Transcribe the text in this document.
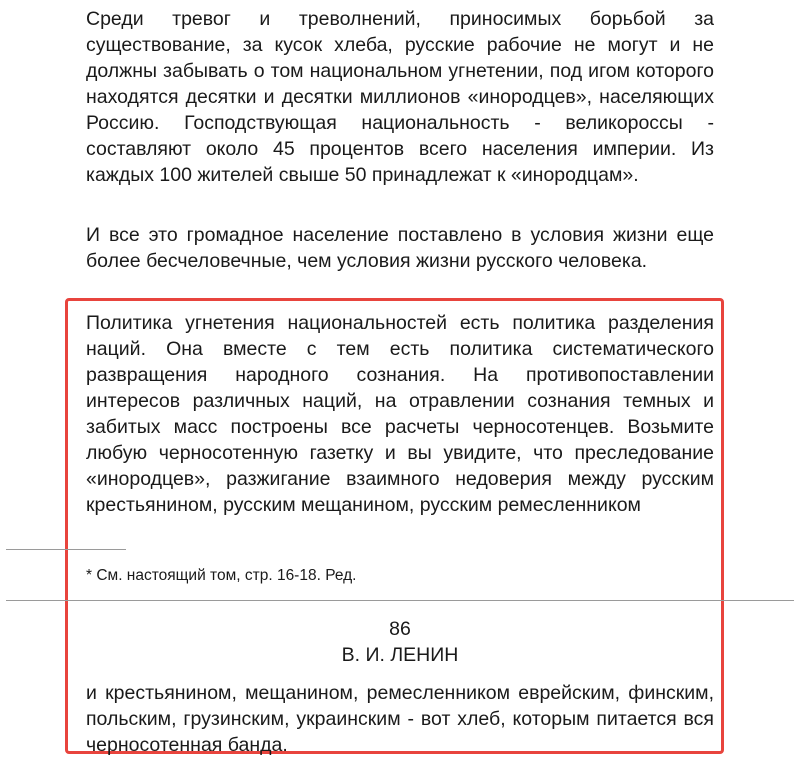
Среди тревог и треволнений, приносимых борьбой за существование, за кусок хлеба, русские рабочие не могут и не должны забывать о том национальном угнетении, под игом которого находятся десятки и десятки миллионов «инородцев», населяющих Россию. Господствующая национальность - великороссы - составляют около 45 процентов всего населения империи. Из каждых 100 жителей свыше 50 принадлежат к «инородцам».

И все это громадное население поставлено в условия жизни еще более бесчеловечные, чем условия жизни русского человека.

Политика угнетения национальностей есть политика разделения наций. Она вместе с тем есть политика систематического развращения народного сознания. На противопоставлении интересов различных наций, на отравлении сознания темных и забитых масс построены все расчеты черносотенцев. Возьмите любую черносотенную газетку и вы увидите, что преследование «инородцев», разжигание взаимного недоверия между русским крестьянином, русским мещанином, русским ремесленником

* См. настоящий том, стр. 16-18. Ред.

86
В. И. ЛЕНИН

и крестьянином, мещанином, ремесленником еврейским, финским, польским, грузинским, украинским - вот хлеб, которым питается вся черносотенная банда.
